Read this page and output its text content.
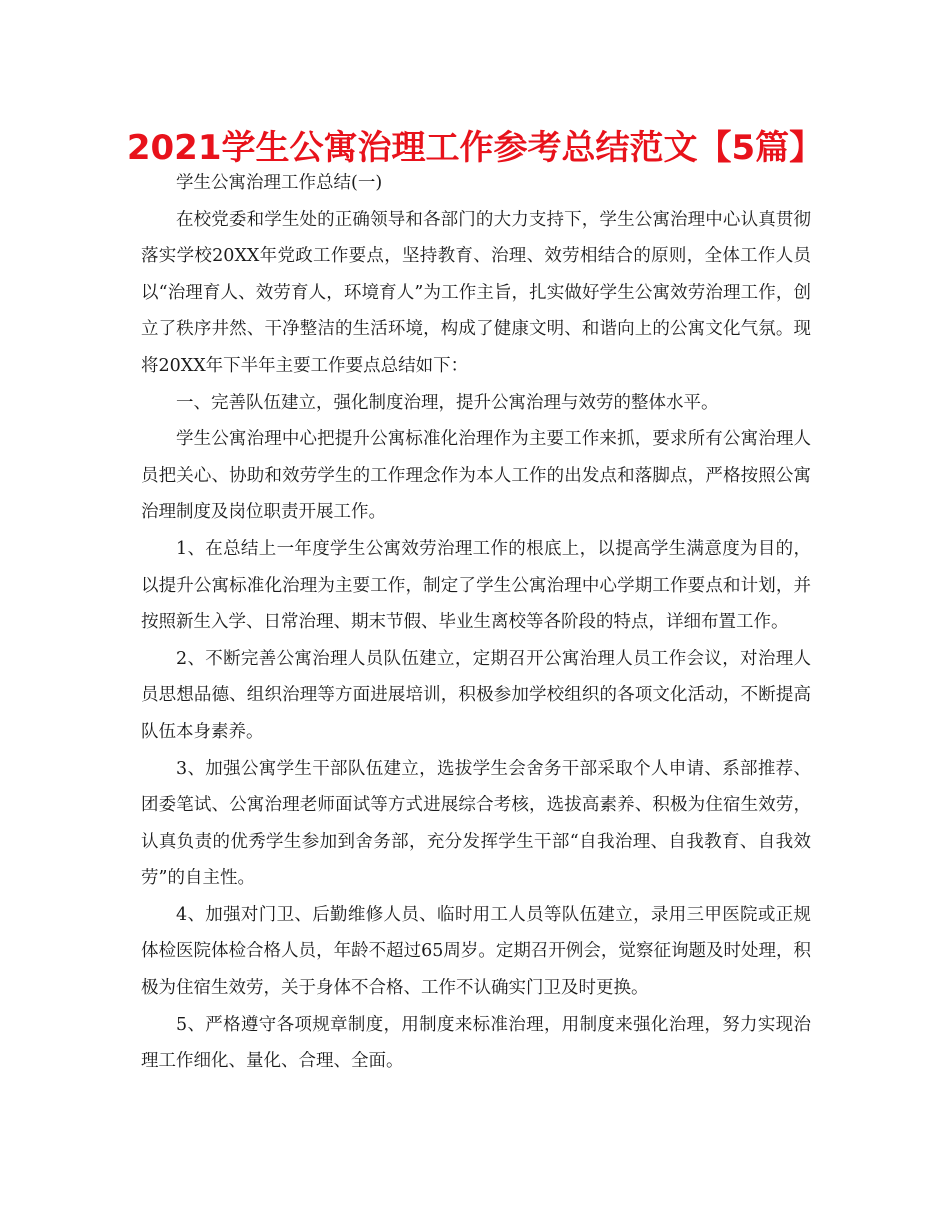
2021学生公寓治理工作参考总结范文【5篇】

学生公寓治理工作总结(一)

在校党委和学生处的正确领导和各部门的大力支持下，学生公寓治理中心认真贯彻落实学校20XX年党政工作要点，坚持教育、治理、效劳相结合的原则，全体工作人员以“治理育人、效劳育人，环境育人”为工作主旨，扎实做好学生公寓效劳治理工作，创立了秩序井然、干净整洁的生活环境，构成了健康文明、和谐向上的公寓文化气氛。现将20XX年下半年主要工作要点总结如下：

一、完善队伍建立，强化制度治理，提升公寓治理与效劳的整体水平。

学生公寓治理中心把提升公寓标准化治理作为主要工作来抓，要求所有公寓治理人员把关心、协助和效劳学生的工作理念作为本人工作的出发点和落脚点，严格按照公寓治理制度及岗位职责开展工作。

1、在总结上一年度学生公寓效劳治理工作的根底上，以提高学生满意度为目的，以提升公寓标准化治理为主要工作，制定了学生公寓治理中心学期工作要点和计划，并按照新生入学、日常治理、期末节假、毕业生离校等各阶段的特点，详细布置工作。

2、不断完善公寓治理人员队伍建立，定期召开公寓治理人员工作会议，对治理人员思想品德、组织治理等方面进展培训，积极参加学校组织的各项文化活动，不断提高队伍本身素养。

3、加强公寓学生干部队伍建立，选拔学生会舍务干部采取个人申请、系部推荐、团委笔试、公寓治理老师面试等方式进展综合考核，选拔高素养、积极为住宿生效劳，认真负责的优秀学生参加到舍务部，充分发挥学生干部“自我治理、自我教育、自我效劳”的自主性。

4、加强对门卫、后勤维修人员、临时用工人员等队伍建立，录用三甲医院或正规体检医院体检合格人员，年龄不超过65周岁。定期召开例会，觉察征询题及时处理，积极为住宿生效劳，关于身体不合格、工作不认确实门卫及时更换。

5、严格遵守各项规章制度，用制度来标准治理，用制度来强化治理，努力实现治理工作细化、量化、合理、全面。
